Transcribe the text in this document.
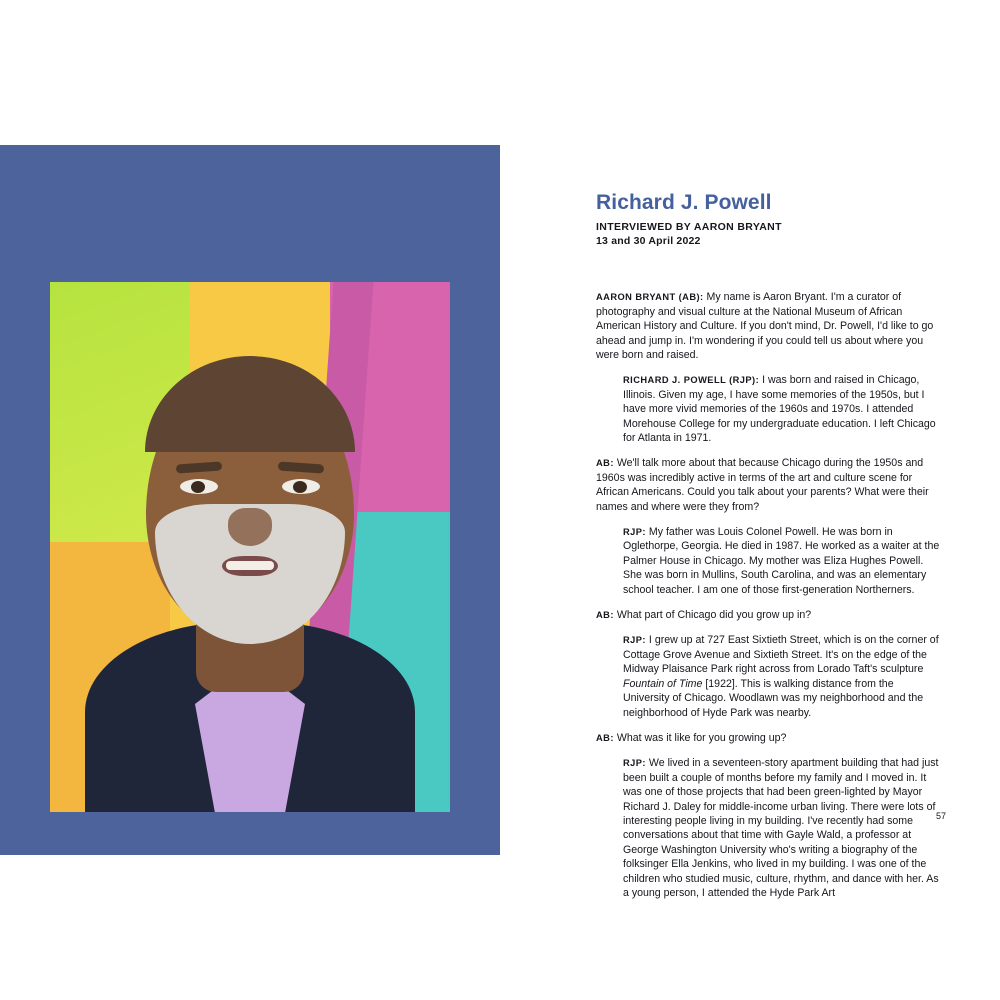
Richard J. Powell

INTERVIEWED BY AARON BRYANT

13 and 30 April 2022

AARON BRYANT (AB): My name is Aaron Bryant. I'm a curator of photography and visual culture at the National Museum of African American History and Culture. If you don't mind, Dr. Powell, I'd like to go ahead and jump in. I'm wondering if you could tell us about where you were born and raised.

RICHARD J. POWELL (RJP): I was born and raised in Chicago, Illinois. Given my age, I have some memories of the 1950s, but I have more vivid memories of the 1960s and 1970s. I attended Morehouse College for my undergraduate education. I left Chicago for Atlanta in 1971.

AB: We'll talk more about that because Chicago during the 1950s and 1960s was incredibly active in terms of the art and culture scene for African Americans. Could you talk about your parents? What were their names and where were they from?

RJP: My father was Louis Colonel Powell. He was born in Oglethorpe, Georgia. He died in 1987. He worked as a waiter at the Palmer House in Chicago. My mother was Eliza Hughes Powell. She was born in Mullins, South Carolina, and was an elementary school teacher. I am one of those first-generation Northerners.

AB: What part of Chicago did you grow up in?

RJP: I grew up at 727 East Sixtieth Street, which is on the corner of Cottage Grove Avenue and Sixtieth Street. It's on the edge of the Midway Plaisance Park right across from Lorado Taft's sculpture Fountain of Time [1922]. This is walking distance from the University of Chicago. Woodlawn was my neighborhood and the neighborhood of Hyde Park was nearby.

AB: What was it like for you growing up?

RJP: We lived in a seventeen-story apartment building that had just been built a couple of months before my family and I moved in. It was one of those projects that had been green-lighted by Mayor Richard J. Daley for middle-income urban living. There were lots of interesting people living in my building. I've recently had some conversations about that time with Gayle Wald, a professor at George Washington University who's writing a biography of the folksinger Ella Jenkins, who lived in my building. I was one of the children who studied music, culture, rhythm, and dance with her. As a young person, I attended the Hyde Park Art

57
